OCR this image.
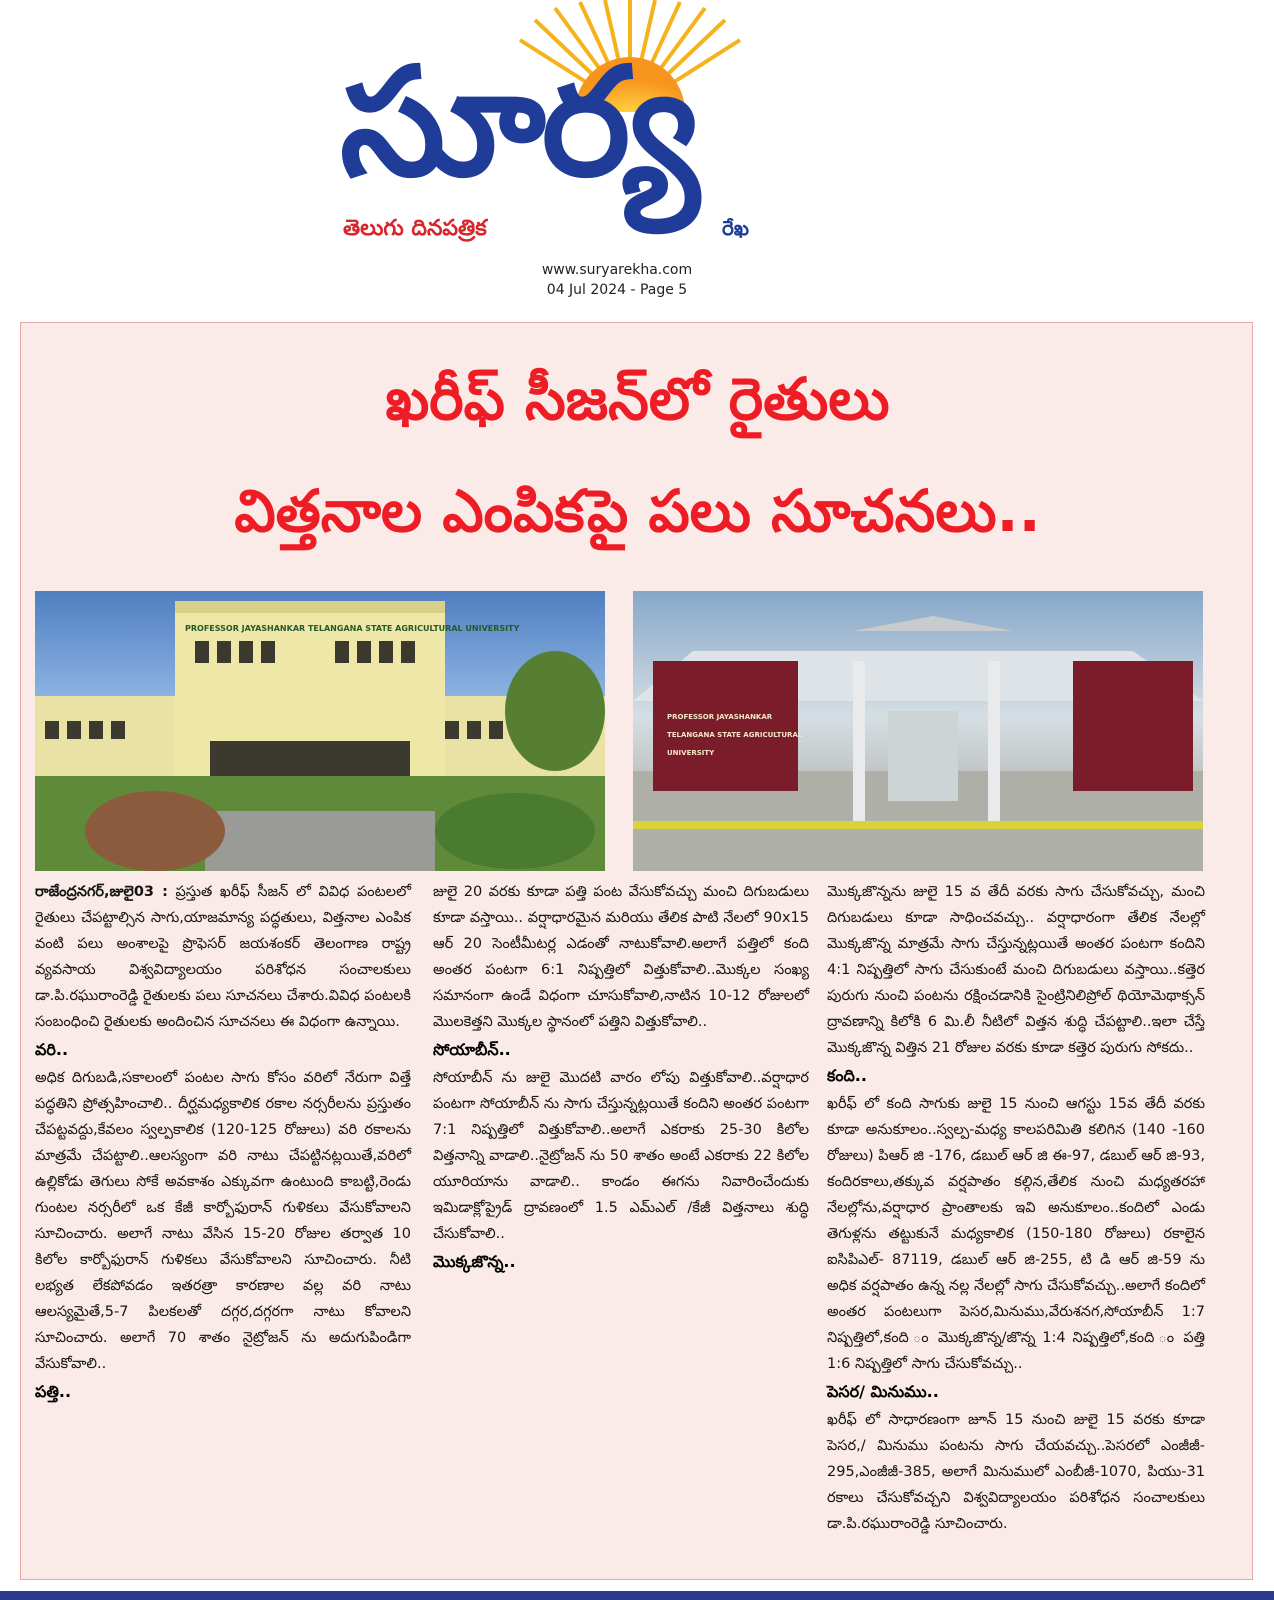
సూర్య
తెలుగు దినపత్రిక	రేఖ
www.suryarekha.com
04 Jul 2024 - Page 5
ఖరీఫ్ సీజన్‌లో రైతులు
విత్తనాల ఎంపికపై పలు సూచనలు..
PROFESSOR JAYASHANKAR TELANGANA STATE AGRICULTURAL UNIVERSITY
PROFESSOR JAYASHANKAR
TELANGANA STATE AGRICULTURAL
UNIVERSITY

రాజేంద్రనగర్,జులై03 : ప్రస్తుత ఖరీఫ్ సీజన్ లో వివిధ పంటలలో రైతులు చేపట్టాల్సిన సాగు,యాజమాన్య పద్ధతులు, విత్తనాల ఎంపిక వంటి పలు అంశాలపై ప్రొఫెసర్ జయశంకర్ తెలంగాణ రాష్ట్ర వ్యవసాయ విశ్వవిద్యాలయం పరిశోధన సంచాలకులు డా.పి.రఘురాంరెడ్డి రైతులకు పలు సూచనలు చేశారు.వివిధ పంటలకి సంబంధించి రైతులకు అందించిన సూచనలు ఈ విధంగా ఉన్నాయి.

వరి..

అధిక దిగుబడి,సకాలంలో పంటల సాగు కోసం వరిలో నేరుగా విత్తే పద్ధతిని ప్రోత్సహించాలి.. దీర్ఘమధ్యకాలిక రకాల నర్సరీలను ప్రస్తుతం చేపట్టవద్దు,కేవలం స్వల్పకాలిక (120-125 రోజులు) వరి రకాలను మాత్రమే చేపట్టాలి..ఆలస్యంగా వరి నాటు చేపట్టినట్లయితే,వరిలో ఉల్లికోడు తెగులు సోకే అవకాశం ఎక్కువగా ఉంటుంది కాబట్టి,రెండు గుంటల నర్సరీలో ఒక కేజీ కార్బోఫురాన్ గుళికలు వేసుకోవాలని సూచించారు. అలాగే నాటు వేసిన 15-20 రోజుల తర్వాత 10 కిలోల కార్బోఫురాన్ గుళికలు వేసుకోవాలని సూచించారు. నీటి లభ్యత లేకపోవడం ఇతరత్రా కారణాల వల్ల వరి నాటు ఆలస్యమైతే,5-7 పిలకలతో దగ్గర,దగ్గరగా నాటు కోవాలని సూచించారు. అలాగే 70 శాతం నైట్రోజన్ ను అదుగుపిండిగా వేసుకోవాలి..

పత్తి..

జులై 20 వరకు కూడా పత్తి పంట వేసుకోవచ్చు మంచి దిగుబడులు కూడా వస్తాయి.. వర్షాధారమైన మరియు తేలిక పాటి నేలలో 90x15 ఆర్ 20 సెంటీమీటర్ల ఎడంతో నాటుకోవాలి.అలాగే పత్తిలో కంది అంతర పంటగా 6:1 నిష్పత్తిలో విత్తుకోవాలి..మొక్కల సంఖ్య సమానంగా ఉండే విధంగా చూసుకోవాలి,నాటిన 10-12 రోజులలో మొలకెత్తని మొక్కల స్థానంలో పత్తిని విత్తుకోవాలి..

సోయాబీన్..

సోయాబీన్ ను జులై మొదటి వారం లోపు విత్తుకోవాలి..వర్షాధార పంటగా సోయాబీన్ ను సాగు చేస్తున్నట్లయితే కందిని అంతర పంటగా 7:1 నిష్పత్తిలో విత్తుకోవాలి..అలాగే ఎకరాకు 25-30 కిలోల విత్తనాన్ని వాడాలి..నైట్రోజన్ ను 50 శాతం అంటే ఎకరాకు 22 కిలోల యూరియాను వాడాలి.. కాండం ఈగను నివారించేందుకు ఇమిడాక్లోప్రైడ్ ద్రావణంలో 1.5 ఎమ్ఎల్ /కేజీ విత్తనాలు శుద్ధి చేసుకోవాలి..

మొక్కజొన్న..

మొక్కజొన్నను జులై 15 వ తేదీ వరకు సాగు చేసుకోవచ్చు, మంచి దిగుబడులు కూడా సాధించవచ్చు.. వర్షాధారంగా తేలిక నేలల్లో మొక్కజొన్న మాత్రమే సాగు చేస్తున్నట్లయితే అంతర పంటగా కందిని 4:1 నిష్పత్తిలో సాగు చేసుకుంటే మంచి దిగుబడులు వస్తాయి..కత్తెర పురుగు నుంచి పంటను రక్షించడానికి సైంట్రినిలిప్రోల్ థియోమెథాక్సన్ ద్రావణాన్ని కిలోకి 6 మి.లీ నీటిలో విత్తన శుద్ధి చేపట్టాలి..ఇలా చేస్తే మొక్కజొన్న విత్తిన 21 రోజుల వరకు కూడా కత్తెర పురుగు సోకదు..

కంది..

ఖరీఫ్ లో కంది సాగుకు జులై 15 నుంచి ఆగస్టు 15వ తేదీ వరకు కూడా అనుకూలం..స్వల్ప-మధ్య కాలపరిమితి కలిగిన (140 -160 రోజులు) పిఆర్ జి -176, డబుల్ ఆర్ జి ఈ-97, డబుల్ ఆర్ జి-93, కందిరకాలు,తక్కువ వర్షపాతం కల్గిన,తేలిక నుంచి మధ్యతరహా నేలల్లోను,వర్షాధార ప్రాంతాలకు ఇవి అనుకూలం..కందిలో ఎండు తెగుళ్లను తట్టుకునే మధ్యకాలిక (150-180 రోజులు) రకాలైన ఐసిపిఎల్- 87119, డబుల్ ఆర్ జి-255, టి డి ఆర్ జి-59 ను అధిక వర్షపాతం ఉన్న నల్ల నేలల్లో సాగు చేసుకోవచ్చు..అలాగే కందిలో అంతర పంటలుగా పెసర,మినుము,వేరుశనగ,సోయాబీన్ 1:7 నిష్పత్తిలో,కంది ం మొక్కజొన్న/జొన్న 1:4 నిష్పత్తిలో,కంది ం పత్తి 1:6 నిష్పత్తిలో సాగు చేసుకోవచ్చు..

పెసర/ మినుము..

ఖరీఫ్ లో సాధారణంగా జూన్ 15 నుంచి జులై 15 వరకు కూడా పెసర,/ మినుము పంటను సాగు చేయవచ్చు..పెసరలో ఎంజీజీ- 295,ఎంజీజీ-385, అలాగే మినుములో ఎంబీజీ-1070, పియు-31 రకాలు చేసుకోవచ్చని విశ్వవిద్యాలయం పరిశోధన సంచాలకులు డా.పి.రఘురాంరెడ్డి సూచించారు.
